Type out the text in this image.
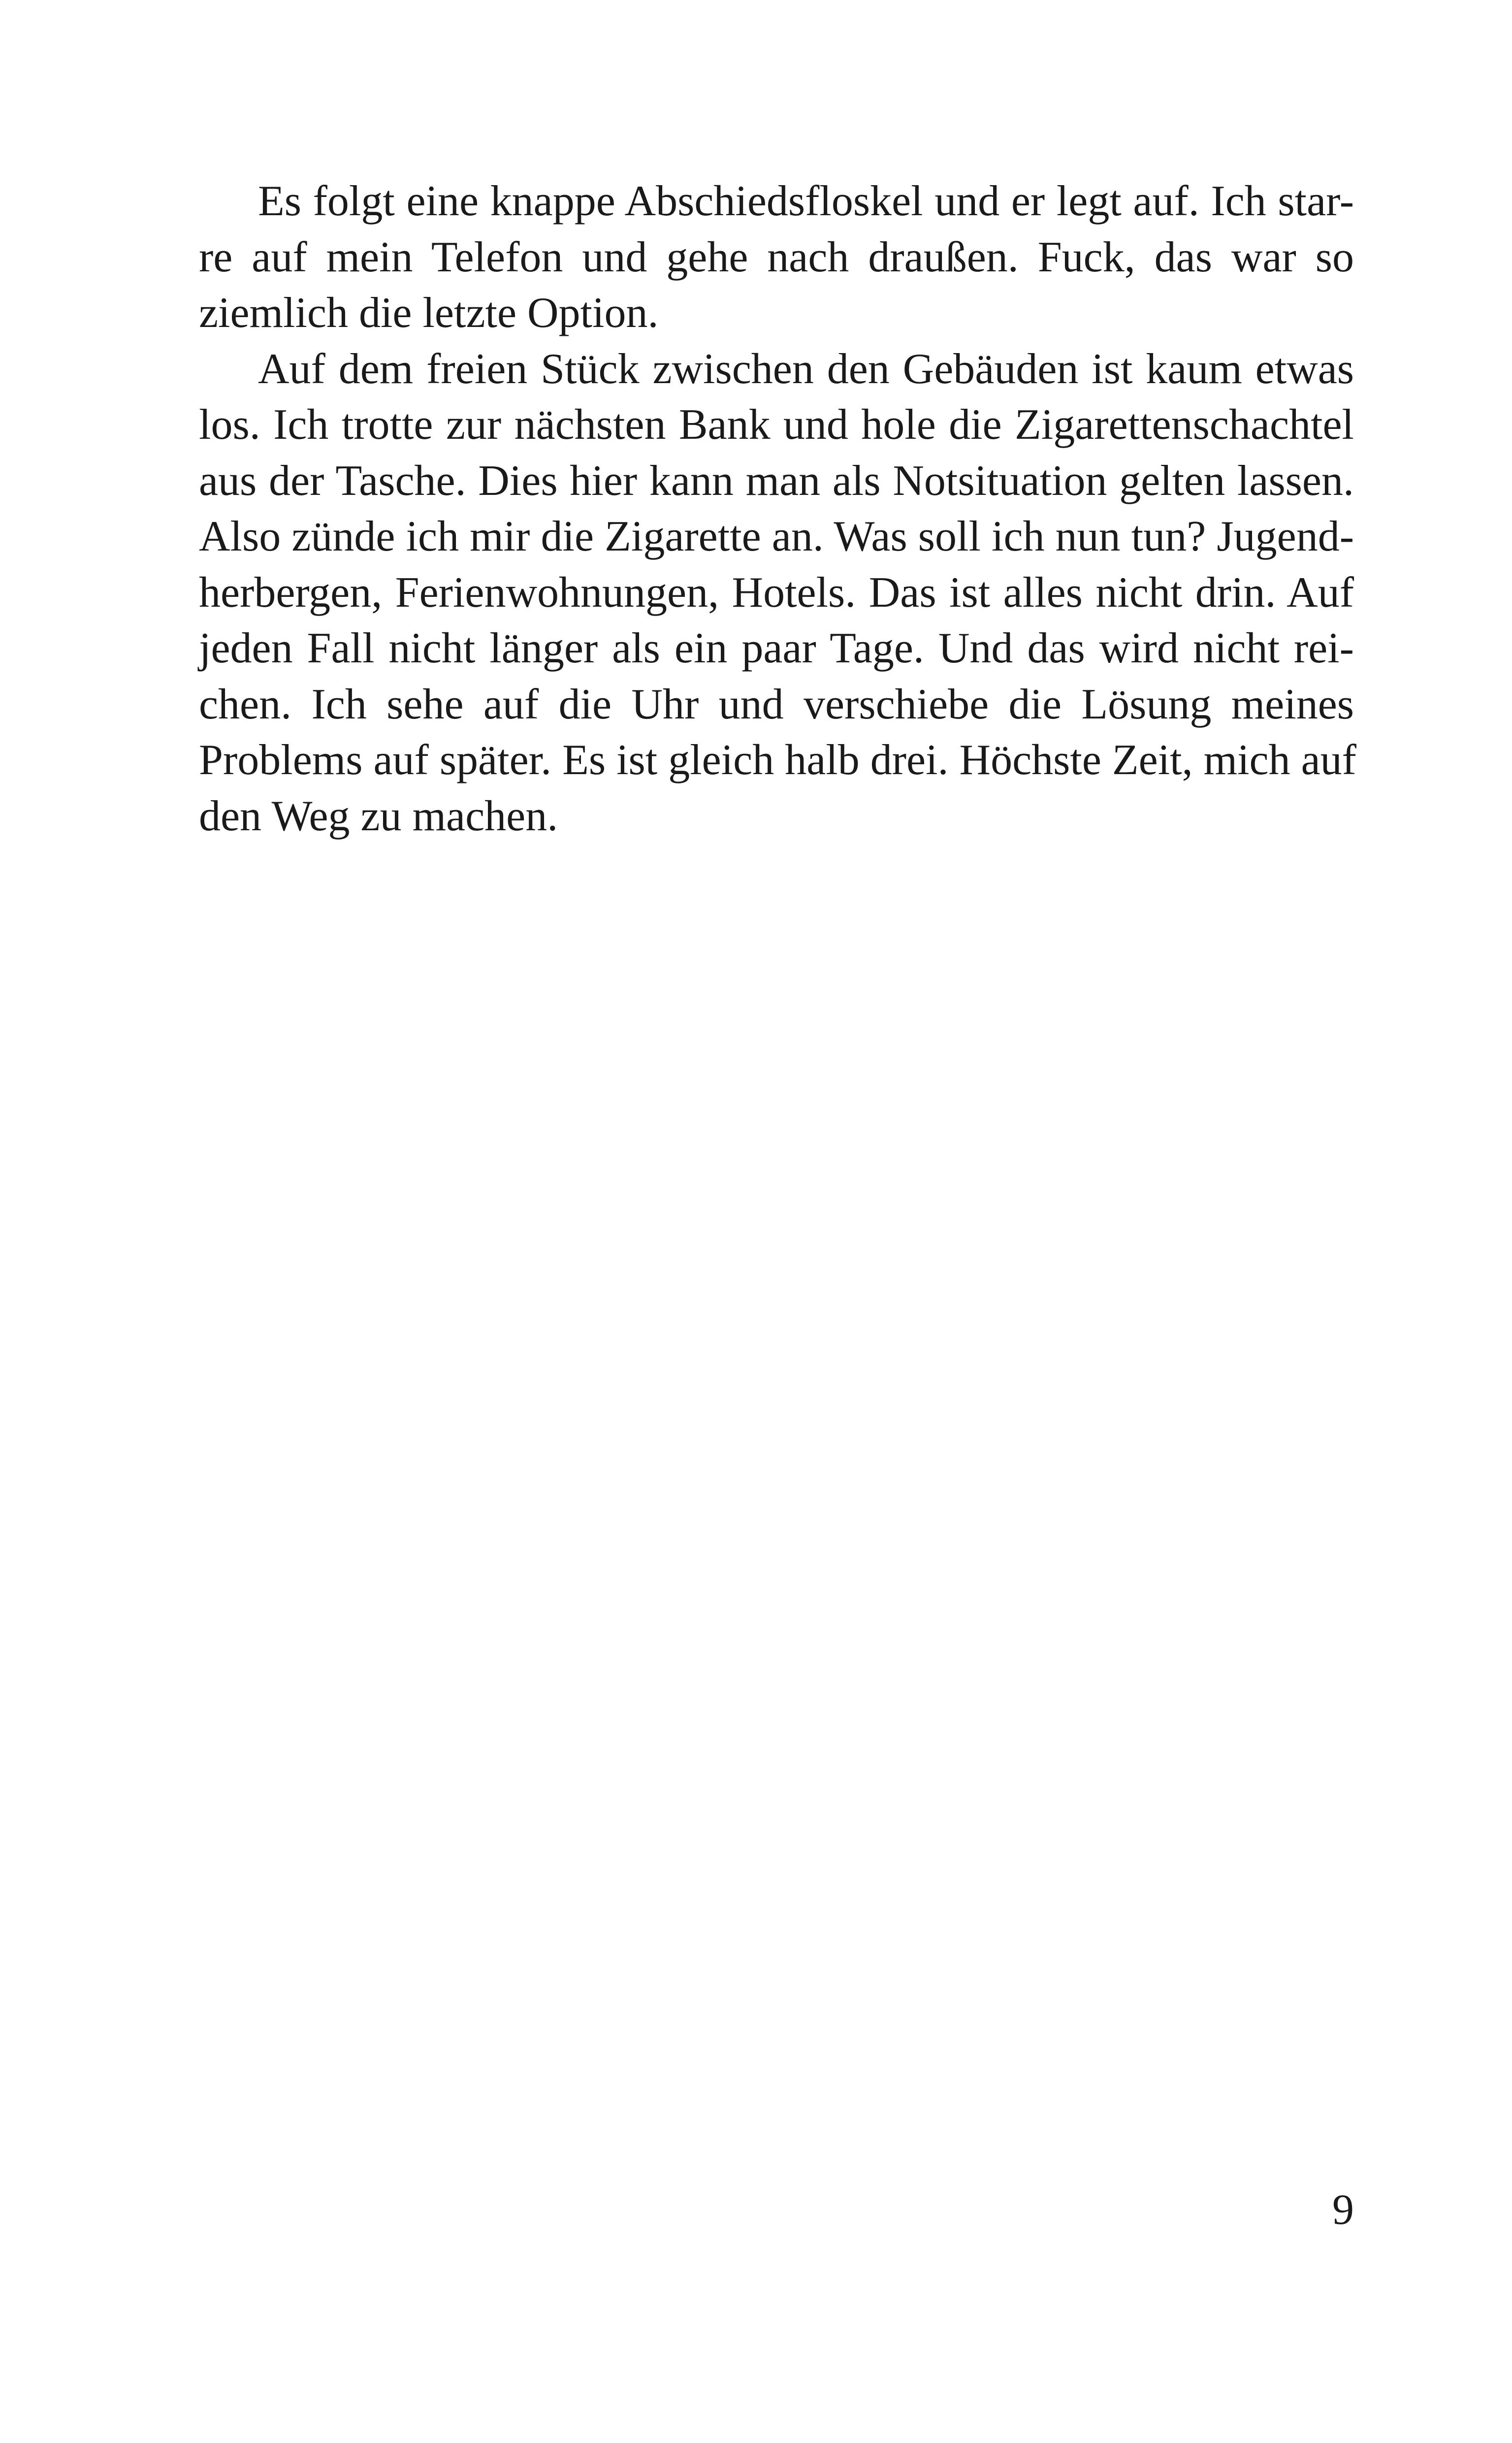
Es folgt eine knappe Abschiedsfloskel und er legt auf. Ich star-
re auf mein Telefon und gehe nach draußen. Fuck, das war so
ziemlich die letzte Option.
Auf dem freien Stück zwischen den Gebäuden ist kaum etwas
los. Ich trotte zur nächsten Bank und hole die Zigarettenschachtel
aus der Tasche. Dies hier kann man als Notsituation gelten lassen.
Also zünde ich mir die Zigarette an. Was soll ich nun tun? Jugend-
herbergen, Ferienwohnungen, Hotels. Das ist alles nicht drin. Auf
jeden Fall nicht länger als ein paar Tage. Und das wird nicht rei-
chen. Ich sehe auf die Uhr und verschiebe die Lösung meines
Problems auf später. Es ist gleich halb drei. Höchste Zeit, mich auf
den Weg zu machen.
9
